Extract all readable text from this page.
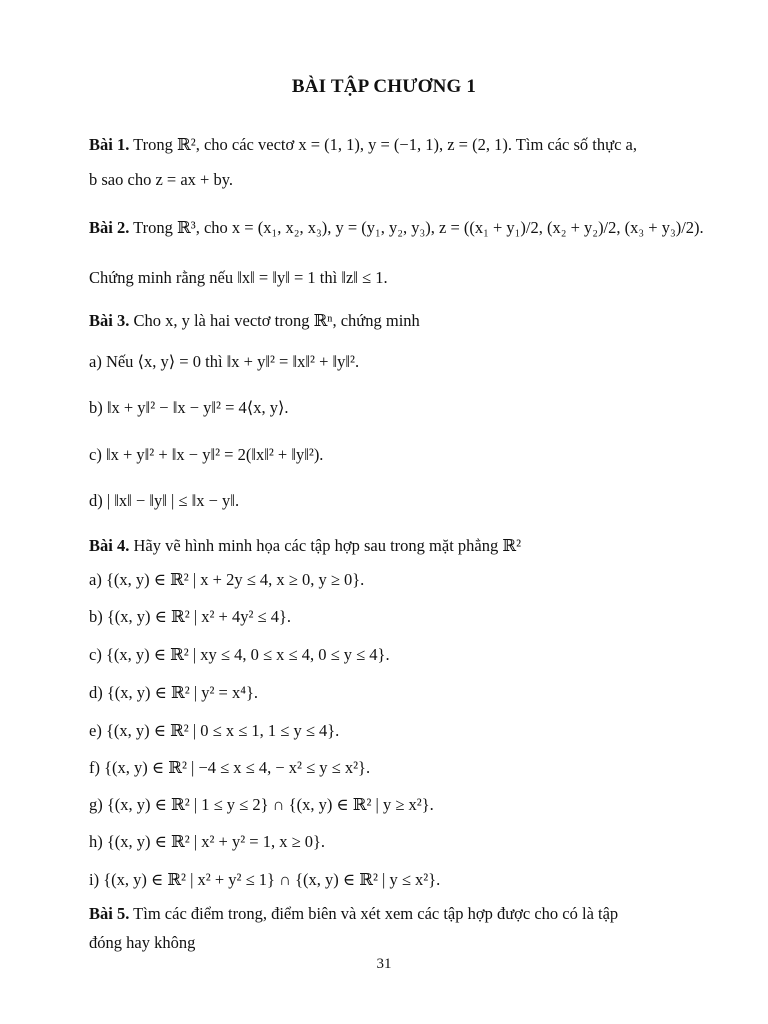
BÀI TẬP CHƯƠNG 1
Bài 1. Trong ℝ², cho các vectơ x = (1, 1), y = (−1, 1), z = (2, 1). Tìm các số thực a,
b sao cho z = ax + by.
Bài 2. Trong ℝ³, cho x = (x₁, x₂, x₃), y = (y₁, y₂, y₃), z = ((x₁ + y₁)/2, (x₂ + y₂)/2, (x₃ + y₃)/2).
Chứng minh rằng nếu ‖x‖ = ‖y‖ = 1 thì ‖z‖ ≤ 1.
Bài 3. Cho x, y là hai vectơ trong ℝⁿ, chứng minh
a) Nếu ⟨x, y⟩ = 0 thì ‖x + y‖² = ‖x‖² + ‖y‖².
b) ‖x + y‖² − ‖x − y‖² = 4⟨x, y⟩.
c) ‖x + y‖² + ‖x − y‖² = 2(‖x‖² + ‖y‖²).
d) | ‖x‖ − ‖y‖ | ≤ ‖x − y‖.
Bài 4. Hãy vẽ hình minh họa các tập hợp sau trong mặt phẳng ℝ²
a) {(x, y) ∈ ℝ² | x + 2y ≤ 4, x ≥ 0, y ≥ 0}.
b) {(x, y) ∈ ℝ² | x² + 4y² ≤ 4}.
c) {(x, y) ∈ ℝ² | xy ≤ 4, 0 ≤ x ≤ 4, 0 ≤ y ≤ 4}.
d) {(x, y) ∈ ℝ² | y² = x⁴}.
e) {(x, y) ∈ ℝ² | 0 ≤ x ≤ 1, 1 ≤ y ≤ 4}.
f) {(x, y) ∈ ℝ² | −4 ≤ x ≤ 4, − x² ≤ y ≤ x²}.
g) {(x, y) ∈ ℝ² | 1 ≤ y ≤ 2} ∩ {(x, y) ∈ ℝ² | y ≥ x²}.
h) {(x, y) ∈ ℝ² | x² + y² = 1, x ≥ 0}.
i) {(x, y) ∈ ℝ² | x² + y² ≤ 1} ∩ {(x, y) ∈ ℝ² | y ≤ x²}.
Bài 5. Tìm các điểm trong, điểm biên và xét xem các tập hợp được cho có là tập
đóng hay không
31
